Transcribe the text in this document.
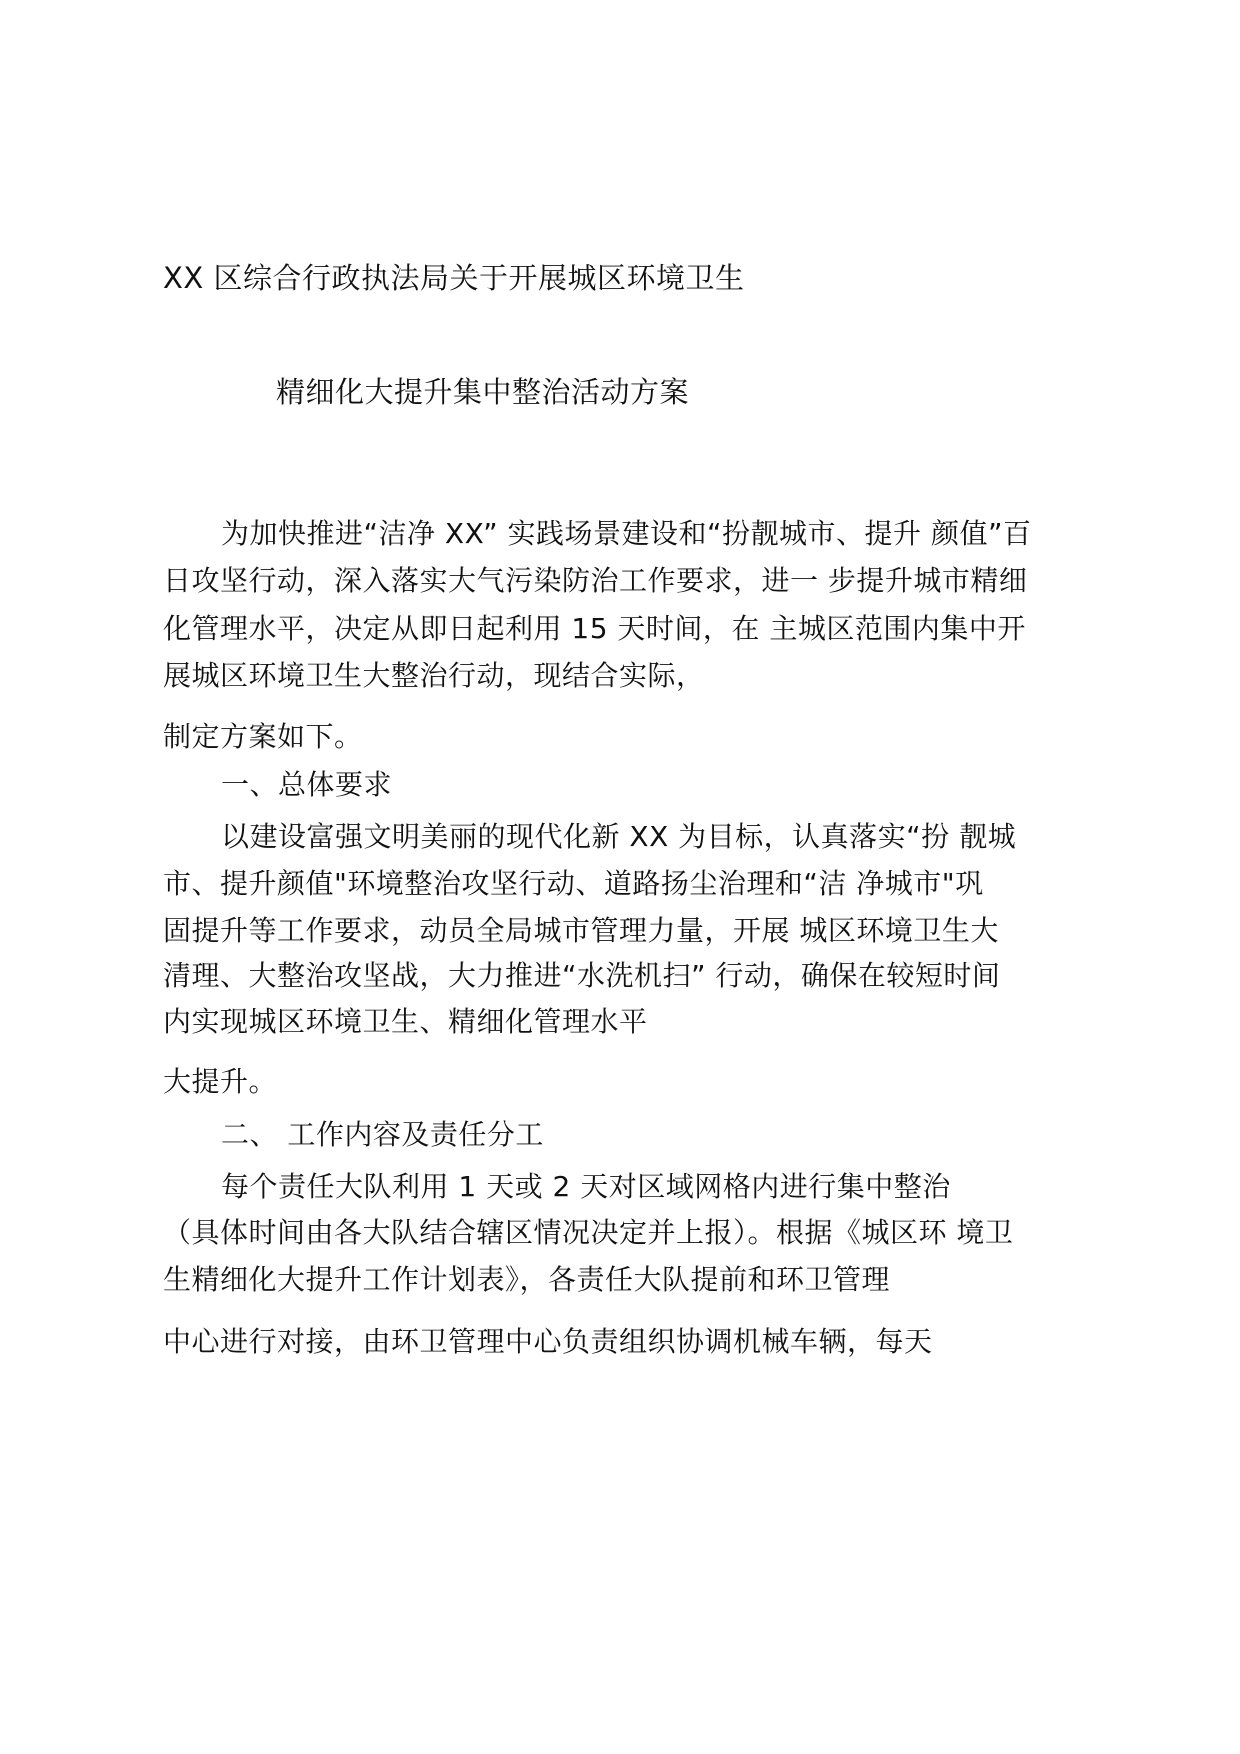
XX 区综合行政执法局关于开展城区环境卫生
精细化大提升集中整治活动方案
为加快推进“洁净 XX” 实践场景建设和“扮靓城市、提升 颜值”百
日攻坚行动，深入落实大气污染防治工作要求，进一 步提升城市精细
化管理水平，决定从即日起利用 15 天时间，在 主城区范围内集中开
展城区环境卫生大整治行动，现结合实际，
制定方案如下。
一、总体要求
以建设富强文明美丽的现代化新 XX 为目标，认真落实“扮 靓城
市、提升颜值"环境整治攻坚行动、道路扬尘治理和“洁 净城市"巩
固提升等工作要求，动员全局城市管理力量，开展 城区环境卫生大
清理、大整治攻坚战，大力推进“水洗机扫” 行动，确保在较短时间
内实现城区环境卫生、精细化管理水平
大提升。
二、 工作内容及责任分工
每个责任大队利用 1 天或 2 天对区域网格内进行集中整治
（具体时间由各大队结合辖区情况决定并上报）。根据《城区环 境卫
生精细化大提升工作计划表》，各责任大队提前和环卫管理
中心进行对接，由环卫管理中心负责组织协调机械车辆，每天
